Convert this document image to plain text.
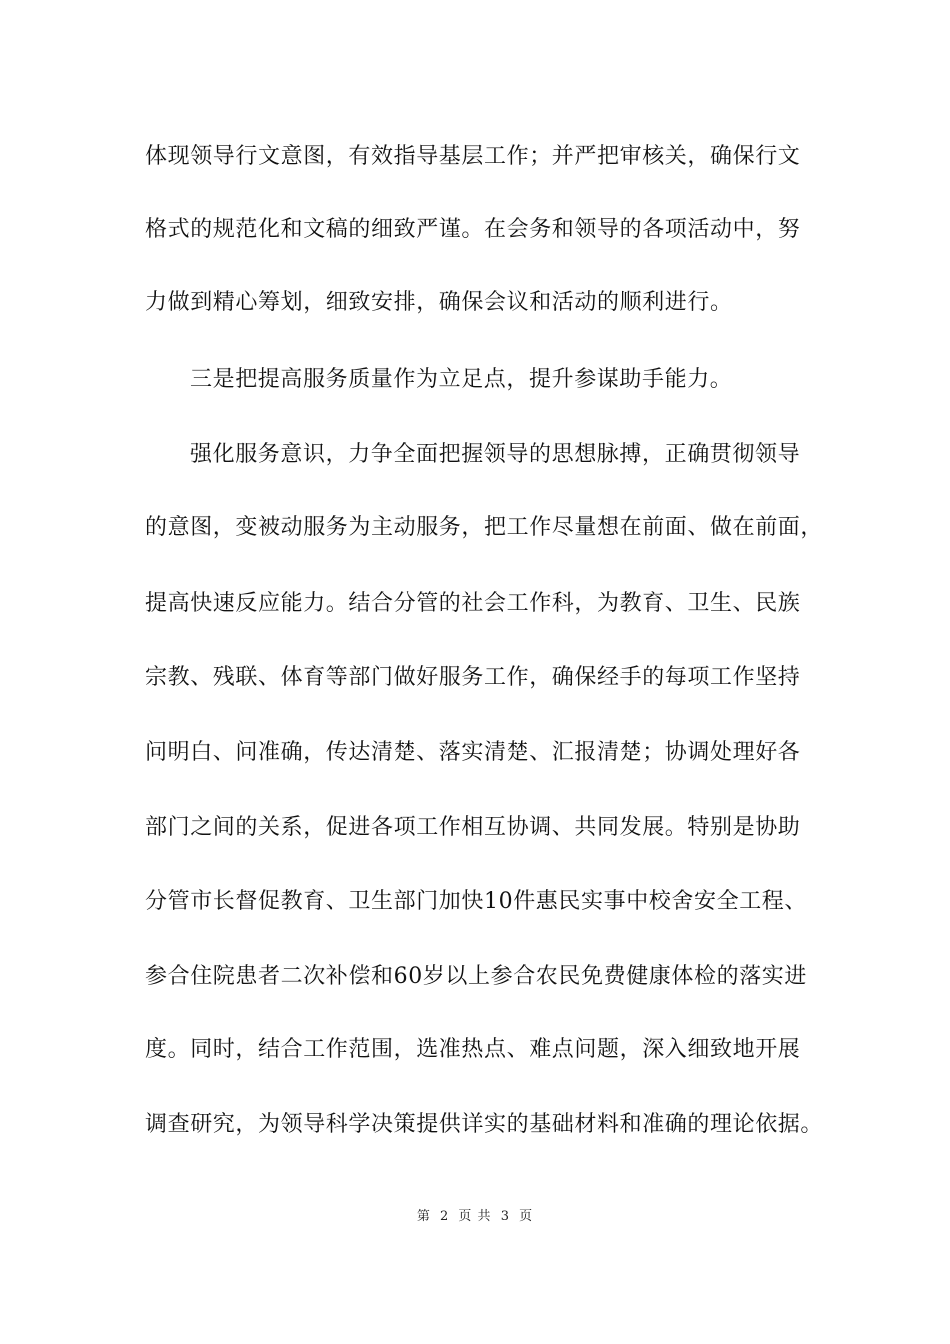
体现领导行文意图，有效指导基层工作；并严把审核关，确保行文
格式的规范化和文稿的细致严谨。在会务和领导的各项活动中，努
力做到精心筹划，细致安排，确保会议和活动的顺利进行。
三是把提高服务质量作为立足点，提升参谋助手能力。
强化服务意识，力争全面把握领导的思想脉搏，正确贯彻领导
的意图，变被动服务为主动服务，把工作尽量想在前面、做在前面，
提高快速反应能力。结合分管的社会工作科，为教育、卫生、民族
宗教、残联、体育等部门做好服务工作，确保经手的每项工作坚持
问明白、问准确，传达清楚、落实清楚、汇报清楚；协调处理好各
部门之间的关系，促进各项工作相互协调、共同发展。特别是协助
分管市长督促教育、卫生部门加快10件惠民实事中校舍安全工程、
参合住院患者二次补偿和60岁以上参合农民免费健康体检的落实进
度。同时，结合工作范围，选准热点、难点问题，深入细致地开展
调查研究，为领导科学决策提供详实的基础材料和准确的理论依据。
第 2 页 共 3 页
